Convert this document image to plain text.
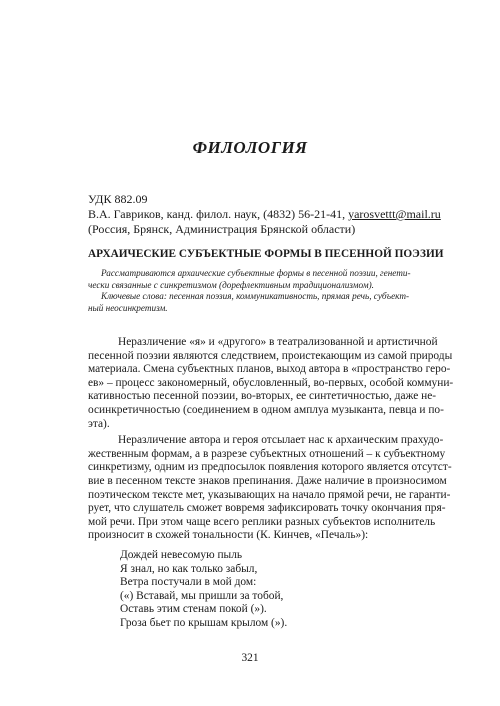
ФИЛОЛОГИЯ
УДК 882.09
В.А. Гавриков, канд. филол. наук, (4832) 56-21-41, yarosvettt@mail.ru
(Россия, Брянск, Администрация Брянской области)
АРХАИЧЕСКИЕ СУБЪЕКТНЫЕ ФОРМЫ В ПЕСЕННОЙ ПОЭЗИИ
Рассматриваются архаические субъектные формы в песенной поэзии, генети-
чески связанные с синкретизмом (дорефлективным традиционализмом).
Ключевые слова: песенная поэзия, коммуникативность, прямая речь, субъект-
ный неосинкретизм.
Неразличение «я» и «другого» в театрализованной и артистичной
песенной поэзии являются следствием, проистекающим из самой природы
материала. Смена субъектных планов, выход автора в «пространство геро-
ев» – процесс закономерный, обусловленный, во-первых, особой коммуни-
кативностью песенной поэзии, во-вторых, ее синтетичностью, даже не-
осинкретичностью (соединением в одном амплуа музыканта, певца и по-
эта).
Неразличение автора и героя отсылает нас к архаическим прахудо-
жественным формам, а в разрезе субъектных отношений – к субъектному
синкретизму, одним из предпосылок появления которого является отсутст-
вие в песенном тексте знаков препинания. Даже наличие в произносимом
поэтическом тексте мет, указывающих на начало прямой речи, не гаранти-
рует, что слушатель сможет вовремя зафиксировать точку окончания пря-
мой речи. При этом чаще всего реплики разных субъектов исполнитель
произносит в схожей тональности (К. Кинчев, «Печаль»):
Дождей невесомую пыль
Я знал, но как только забыл,
Ветра постучали в мой дом:
(«) Вставай, мы пришли за тобой,
Оставь этим стенам покой (»).
Гроза бьет по крышам крылом (»).
321
